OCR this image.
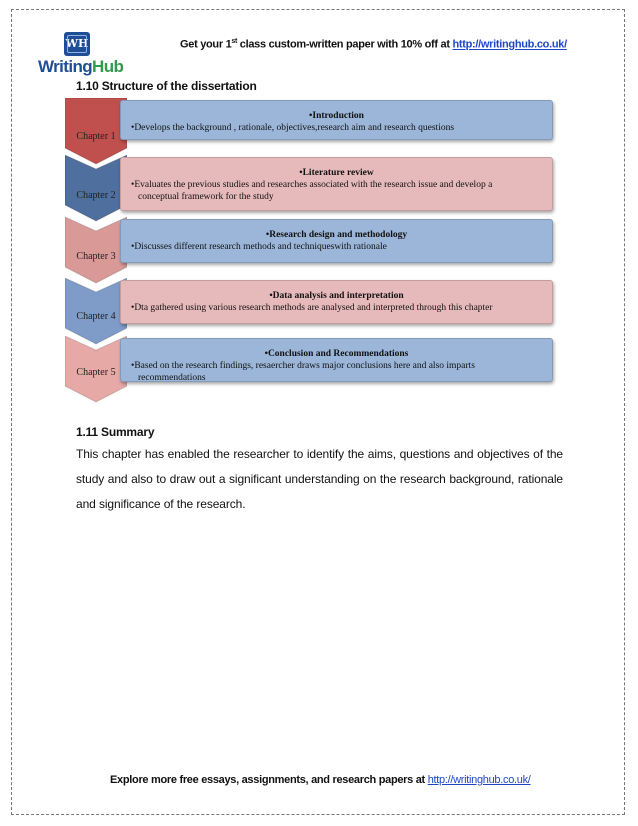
WH
WritingHub
Get your 1st class custom-written paper with 10% off at http://writinghub.co.uk/
1.10 Structure of the dissertation
Chapter 1
•Introduction
•Develops the background , rationale, objectives,research aim and research questions
Chapter 2
•Literature review
•Evaluates the previous studies and researches associated with the research issue and develop a
conceptual framework for the study
Chapter 3
•Research design and methodology
•Discusses different research methods and techniqueswith rationale
Chapter 4
•Data analysis and interpretation
•Dta gathered using various research methods are analysed and interpreted through this chapter
Chapter 5
•Conclusion and Recommendations
•Based on the research findings, resaercher draws major conclusions here and also imparts
recommendations
1.11 Summary
This chapter has enabled the researcher to identify the aims, questions and objectives of the study and also to draw out a significant understanding on the research background, rationale and significance of the research.
Explore more free essays, assignments, and research papers at http://writinghub.co.uk/
